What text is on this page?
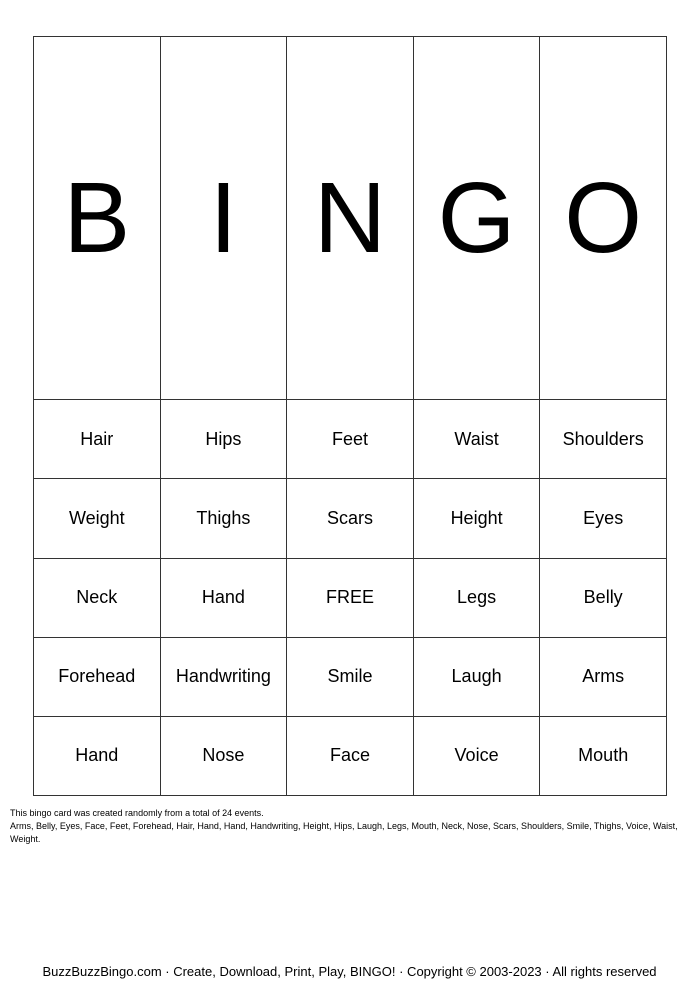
B	I	N	G	O
Hair	Hips	Feet	Waist	Shoulders
Weight	Thighs	Scars	Height	Eyes
Neck	Hand	FREE	Legs	Belly
Forehead	Handwriting	Smile	Laugh	Arms
Hand	Nose	Face	Voice	Mouth
This bingo card was created randomly from a total of 24 events.
Arms, Belly, Eyes, Face, Feet, Forehead, Hair, Hand, Hand, Handwriting, Height, Hips, Laugh, Legs, Mouth, Neck, Nose, Scars, Shoulders, Smile, Thighs, Voice, Waist, Weight.
BuzzBuzzBingo.com · Create, Download, Print, Play, BINGO! · Copyright © 2003-2023 · All rights reserved
